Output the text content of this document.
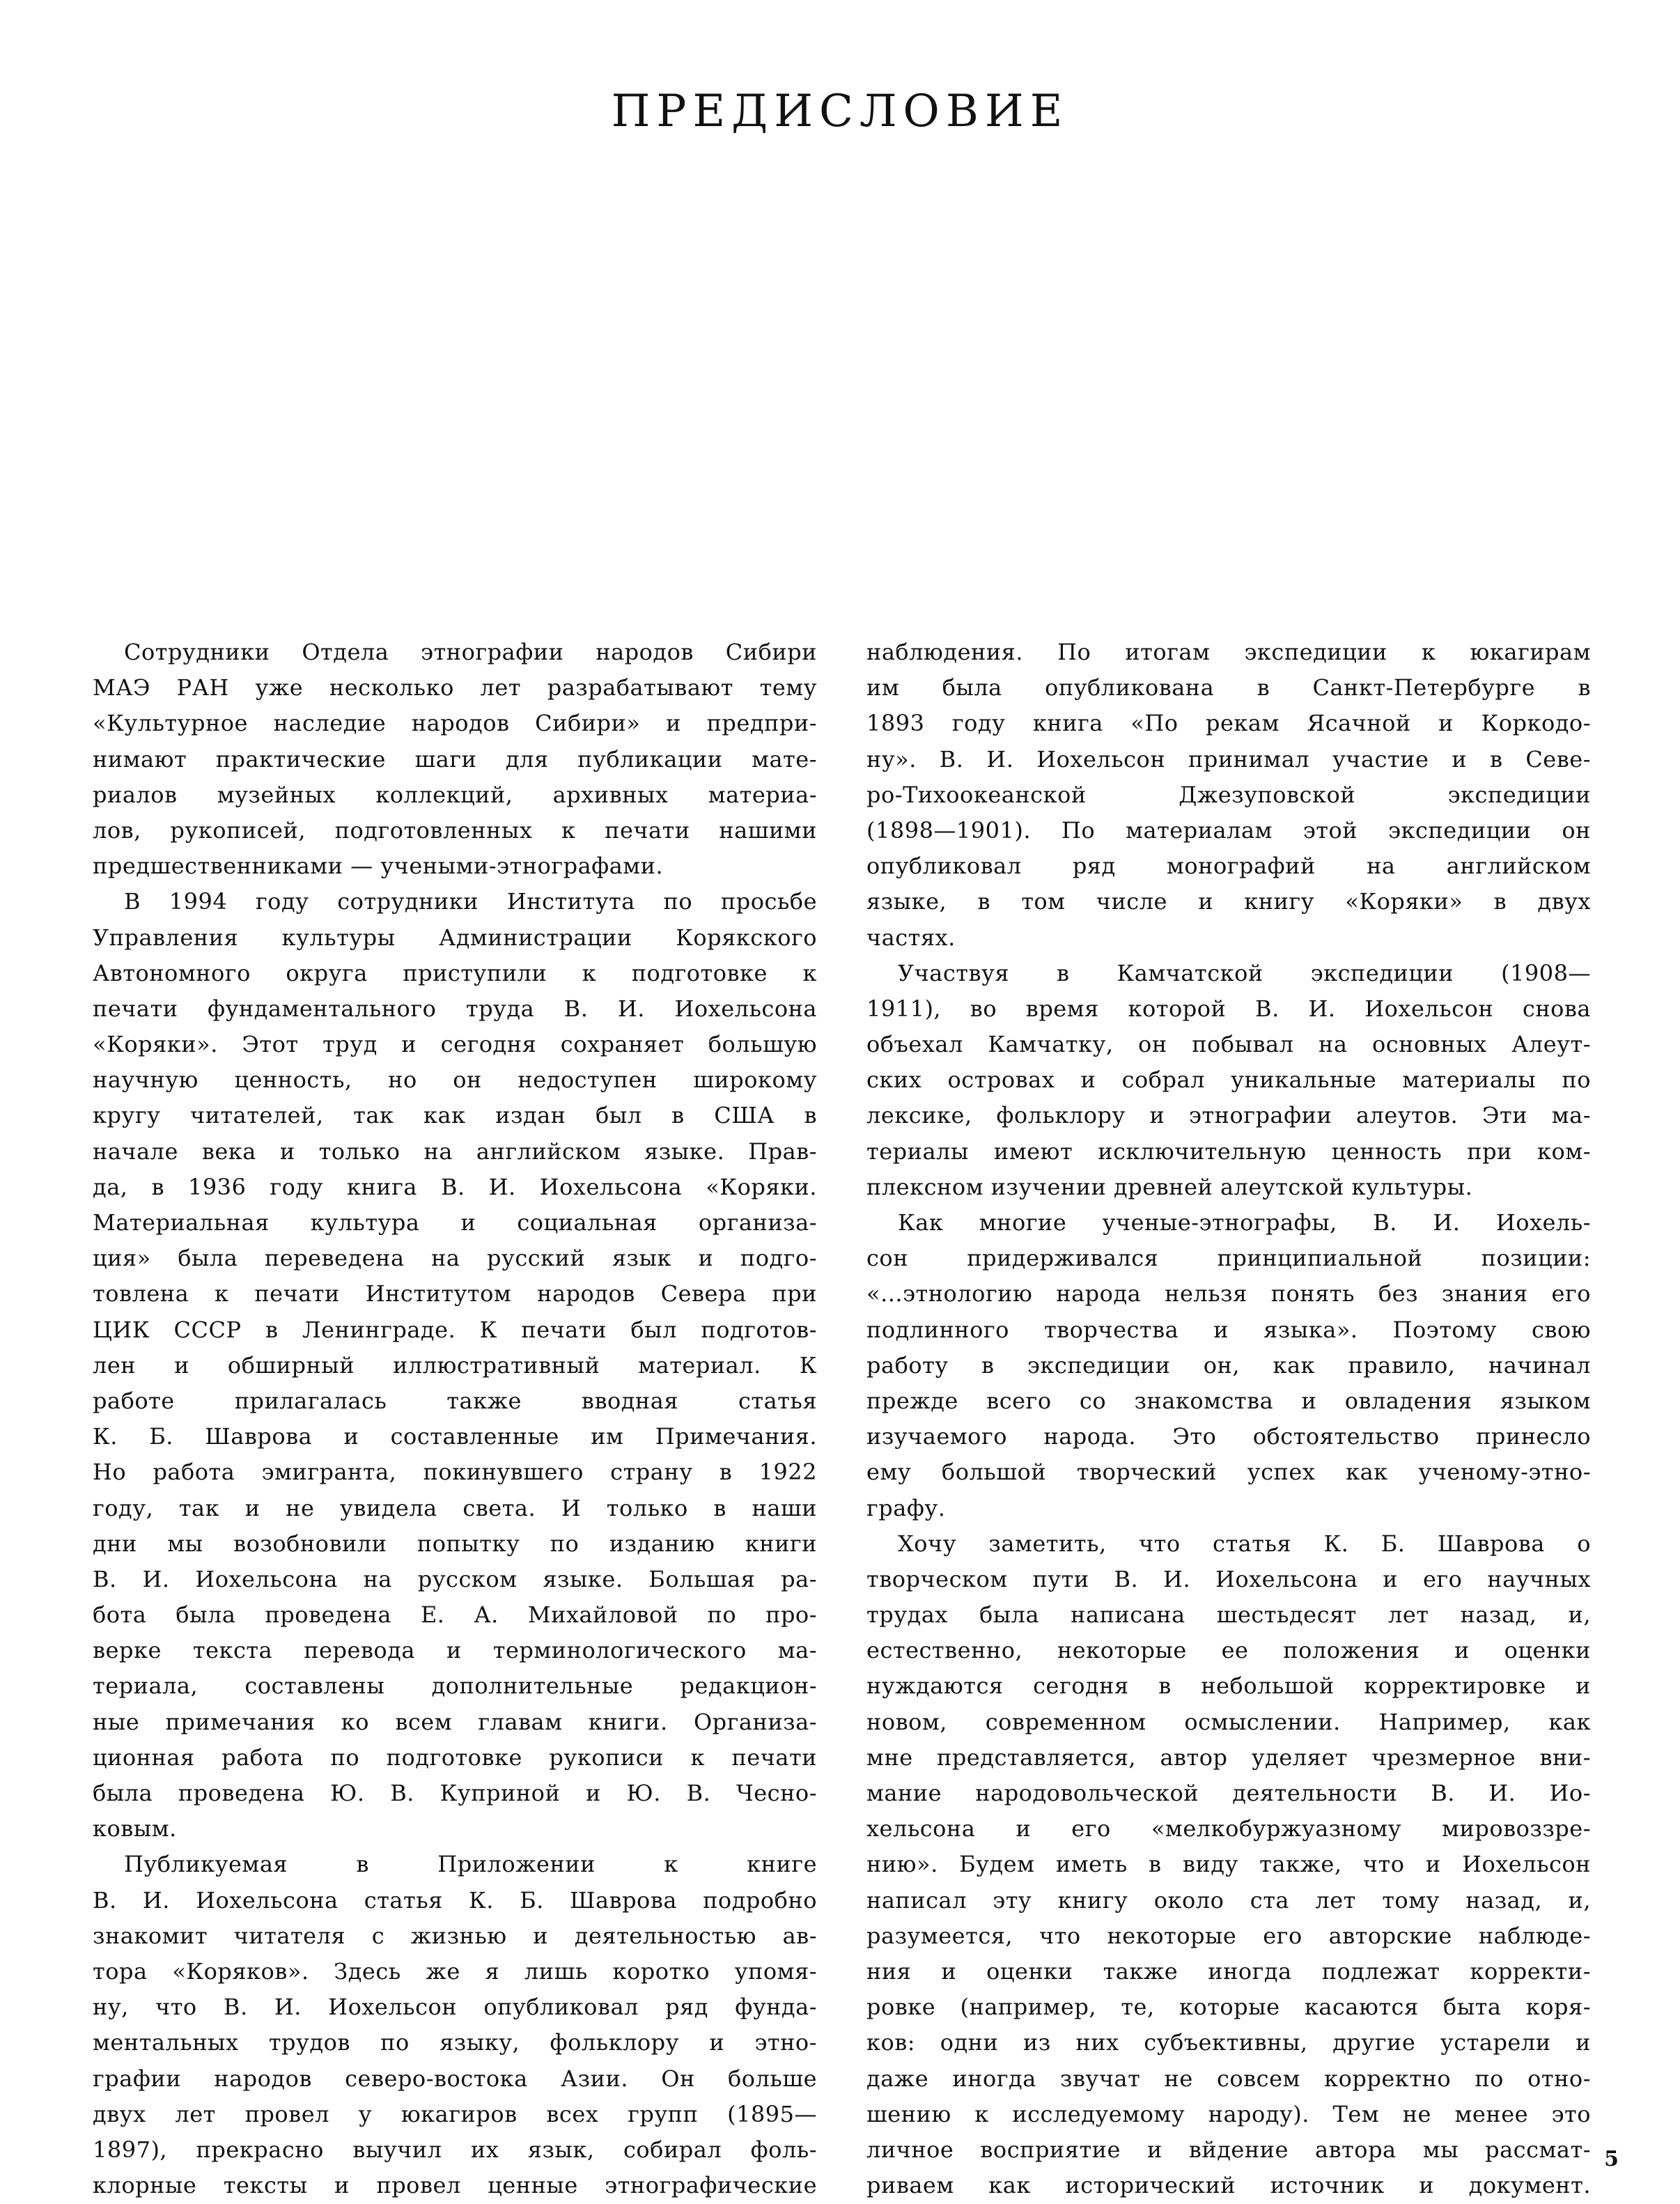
ПРЕДИСЛОВИЕ
Сотрудники Отдела этнографии народов Сибири
МАЭ РАН уже несколько лет разрабатывают тему
«Культурное наследие народов Сибири» и предпри-
нимают практические шаги для публикации мате-
риалов музейных коллекций, архивных материа-
лов, рукописей, подготовленных к печати нашими
предшественниками — учеными-этнографами.
В 1994 году сотрудники Института по просьбе
Управления культуры Администрации Корякского
Автономного округа приступили к подготовке к
печати фундаментального труда В. И. Иохельсона
«Коряки». Этот труд и сегодня сохраняет большую
научную ценность, но он недоступен широкому
кругу читателей, так как издан был в США в
начале века и только на английском языке. Прав-
да, в 1936 году книга В. И. Иохельсона «Коряки.
Материальная культура и социальная организа-
ция» была переведена на русский язык и подго-
товлена к печати Институтом народов Севера при
ЦИК СССР в Ленинграде. К печати был подготов-
лен и обширный иллюстративный материал. К
работе прилагалась также вводная статья
К. Б. Шаврова и составленные им Примечания.
Но работа эмигранта, покинувшего страну в 1922
году, так и не увидела света. И только в наши
дни мы возобновили попытку по изданию книги
В. И. Иохельсона на русском языке. Большая ра-
бота была проведена Е. А. Михайловой по про-
верке текста перевода и терминологического ма-
териала, составлены дополнительные редакцион-
ные примечания ко всем главам книги. Организа-
ционная работа по подготовке рукописи к печати
была проведена Ю. В. Куприной и Ю. В. Чесно-
ковым.
Публикуемая в Приложении к книге
В. И. Иохельсона статья К. Б. Шаврова подробно
знакомит читателя с жизнью и деятельностью ав-
тора «Коряков». Здесь же я лишь коротко упомя-
ну, что В. И. Иохельсон опубликовал ряд фунда-
ментальных трудов по языку, фольклору и этно-
графии народов северо-востока Азии. Он больше
двух лет провел у юкагиров всех групп (1895—
1897), прекрасно выучил их язык, собирал фоль-
клорные тексты и провел ценные этнографические
наблюдения. По итогам экспедиции к юкагирам
им была опубликована в Санкт-Петербурге в
1893 году книга «По рекам Ясачной и Коркодо-
ну». В. И. Иохельсон принимал участие и в Севе-
ро-Тихоокеанской Джезуповской экспедиции
(1898—1901). По материалам этой экспедиции он
опубликовал ряд монографий на английском
языке, в том числе и книгу «Коряки» в двух
частях.
Участвуя в Камчатской экспедиции (1908—
1911), во время которой В. И. Иохельсон снова
объехал Камчатку, он побывал на основных Алеут-
ских островах и собрал уникальные материалы по
лексике, фольклору и этнографии алеутов. Эти ма-
териалы имеют исключительную ценность при ком-
плексном изучении древней алеутской культуры.
Как многие ученые-этнографы, В. И. Иохель-
сон придерживался принципиальной позиции:
«...этнологию народа нельзя понять без знания его
подлинного творчества и языка». Поэтому свою
работу в экспедиции он, как правило, начинал
прежде всего со знакомства и овладения языком
изучаемого народа. Это обстоятельство принесло
ему большой творческий успех как ученому-этно-
графу.
Хочу заметить, что статья К. Б. Шаврова о
творческом пути В. И. Иохельсона и его научных
трудах была написана шестьдесят лет назад, и,
естественно, некоторые ее положения и оценки
нуждаются сегодня в небольшой корректировке и
новом, современном осмыслении. Например, как
мне представляется, автор уделяет чрезмерное вни-
мание народовольческой деятельности В. И. Ио-
хельсона и его «мелкобуржуазному мировоззре-
нию». Будем иметь в виду также, что и Иохельсон
написал эту книгу около ста лет тому назад, и,
разумеется, что некоторые его авторские наблюде-
ния и оценки также иногда подлежат корректи-
ровке (например, те, которые касаются быта коря-
ков: одни из них субъективны, другие устарели и
даже иногда звучат не совсем корректно по отно-
шению к исследуемому народу). Тем не менее это
личное восприятие и вйдение автора мы рассмат-
риваем как исторический источник и документ.
5
